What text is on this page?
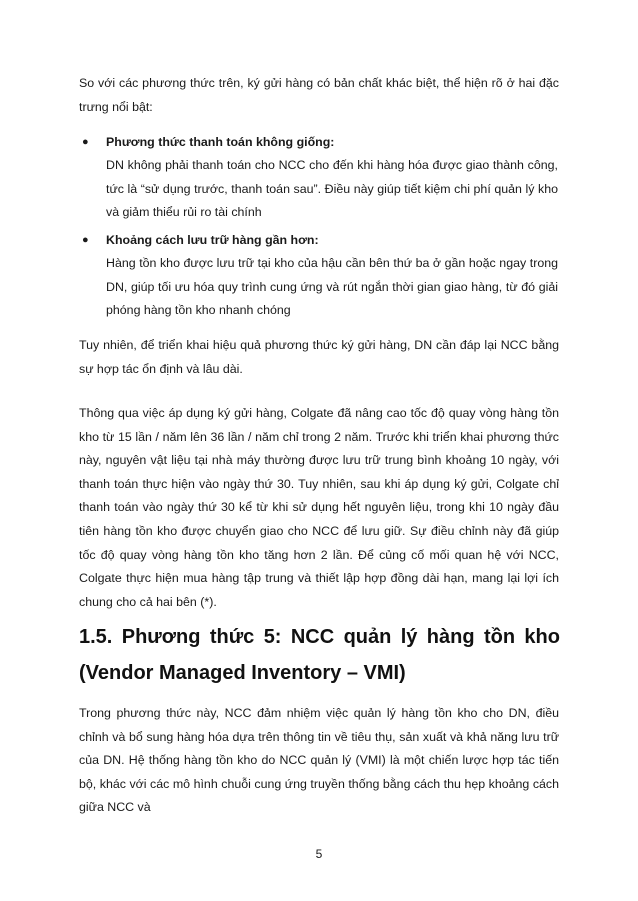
So với các phương thức trên, ký gửi hàng có bản chất khác biệt, thể hiện rõ ở hai đặc trưng nổi bật:

● Phương thức thanh toán không giống:

DN không phải thanh toán cho NCC cho đến khi hàng hóa được giao thành công, tức là “sử dụng trước, thanh toán sau”. Điều này giúp tiết kiệm chi phí quản lý kho và giảm thiểu rủi ro tài chính

● Khoảng cách lưu trữ hàng gần hơn:

Hàng tồn kho được lưu trữ tại kho của hậu cần bên thứ ba ở gần hoặc ngay trong DN, giúp tối ưu hóa quy trình cung ứng và rút ngắn thời gian giao hàng, từ đó giải phóng hàng tồn kho nhanh chóng

Tuy nhiên, để triển khai hiệu quả phương thức ký gửi hàng, DN cần đáp lại NCC bằng sự hợp tác ổn định và lâu dài.

Thông qua việc áp dụng ký gửi hàng, Colgate đã nâng cao tốc độ quay vòng hàng tồn kho từ 15 lần / năm lên 36 lần / năm chỉ trong 2 năm. Trước khi triển khai phương thức này, nguyên vật liệu tại nhà máy thường được lưu trữ trung bình khoảng 10 ngày, với thanh toán thực hiện vào ngày thứ 30. Tuy nhiên, sau khi áp dụng ký gửi, Colgate chỉ thanh toán vào ngày thứ 30 kể từ khi sử dụng hết nguyên liệu, trong khi 10 ngày đầu tiên hàng tồn kho được chuyển giao cho NCC để lưu giữ. Sự điều chỉnh này đã giúp tốc độ quay vòng hàng tồn kho tăng hơn 2 lần. Để củng cố mối quan hệ với NCC, Colgate thực hiện mua hàng tập trung và thiết lập hợp đồng dài hạn, mang lại lợi ích chung cho cả hai bên (*).

1.5. Phương thức 5: NCC quản lý hàng tồn kho (Vendor Managed Inventory – VMI)

Trong phương thức này, NCC đảm nhiệm việc quản lý hàng tồn kho cho DN, điều chỉnh và bổ sung hàng hóa dựa trên thông tin về tiêu thụ, sản xuất và khả năng lưu trữ của DN. Hệ thống hàng tồn kho do NCC quản lý (VMI) là một chiến lược hợp tác tiến bộ, khác với các mô hình chuỗi cung ứng truyền thống bằng cách thu hẹp khoảng cách giữa NCC và

5
